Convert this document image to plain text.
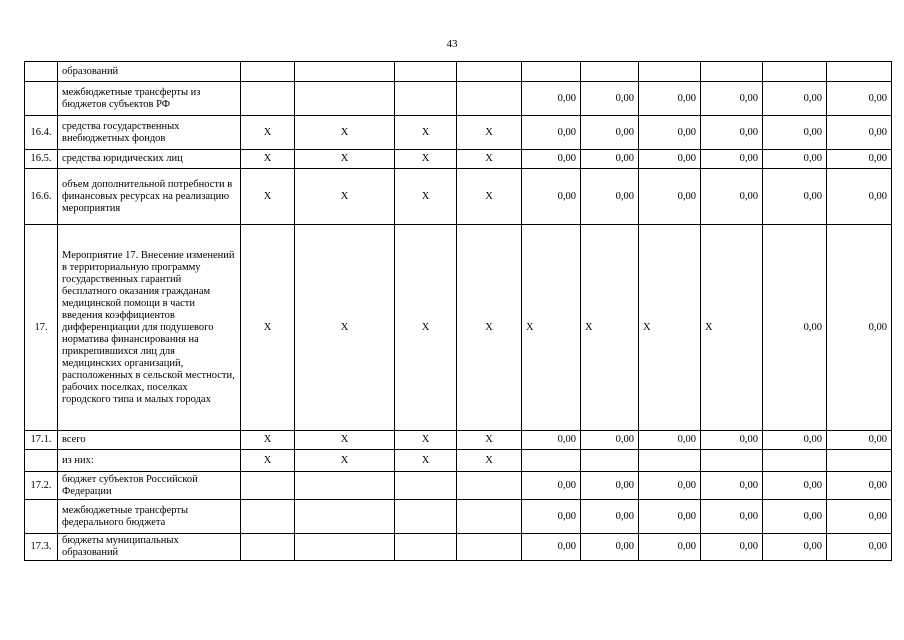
43
	образований										
	межбюджетные трансферты из бюджетов субъектов РФ					0,00	0,00	0,00	0,00	0,00	0,00
16.4.	средства государственных внебюджетных фондов	X	X	X	X	0,00	0,00	0,00	0,00	0,00	0,00
16.5.	средства юридических лиц	X	X	X	X	0,00	0,00	0,00	0,00	0,00	0,00
16.6.	объем дополнительной потребности в финансовых ресурсах на реализацию мероприятия	X	X	X	X	0,00	0,00	0,00	0,00	0,00	0,00
17.	Мероприятие 17. Внесение изменений в территориальную программу государственных гарантий бесплатного оказания гражданам медицинской помощи в части введения коэффициентов дифференциации для подушевого норматива финансирования на прикрепившихся лиц для медицинских организаций, расположенных в сельской местности, рабочих поселках, поселках городского типа и малых городах	X	X	X	X	X	X	X	X	0,00	0,00
17.1.	всего	X	X	X	X	0,00	0,00	0,00	0,00	0,00	0,00
	из них:	X	X	X	X						
17.2.	бюджет субъектов Российской Федерации					0,00	0,00	0,00	0,00	0,00	0,00
	межбюджетные трансферты федерального бюджета					0,00	0,00	0,00	0,00	0,00	0,00
17.3.	бюджеты муниципальных образований					0,00	0,00	0,00	0,00	0,00	0,00
